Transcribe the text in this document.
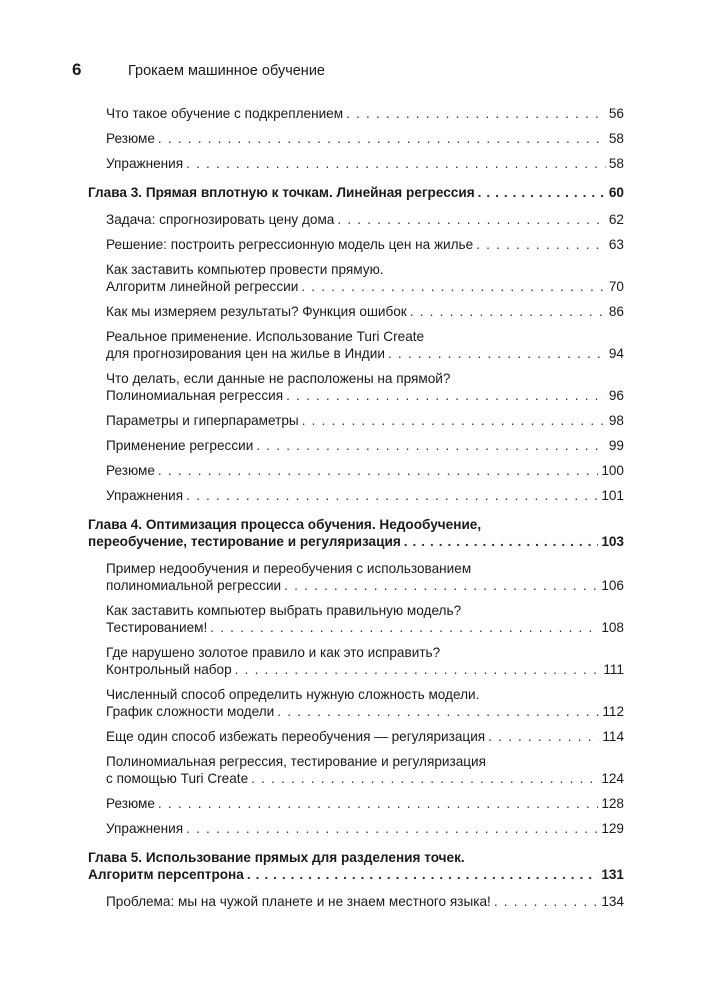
6	Грокаем машинное обучение
Что такое обучение с подкреплением . . .	56
Резюме . . .	58
Упражнения . . .	58
Глава 3. Прямая вплотную к точкам. Линейная регрессия . . .	60
Задача: спрогнозировать цену дома . . .	62
Решение: построить регрессионную модель цен на жилье . . .	63
Как заставить компьютер провести прямую.
Алгоритм линейной регрессии . . .	70
Как мы измеряем результаты? Функция ошибок . . .	86
Реальное применение. Использование Turi Create
для прогнозирования цен на жилье в Индии . . .	94
Что делать, если данные не расположены на прямой?
Полиномиальная регрессия . . .	96
Параметры и гиперпараметры . . .	98
Применение регрессии . . .	99
Резюме . . .	100
Упражнения . . .	101
Глава 4. Оптимизация процесса обучения. Недообучение,
переобучение, тестирование и регуляризация . . .	103
Пример недообучения и переобучения с использованием
полиномиальной регрессии . . .	106
Как заставить компьютер выбрать правильную модель?
Тестированием! . . .	108
Где нарушено золотое правило и как это исправить?
Контрольный набор . . .	111
Численный способ определить нужную сложность модели.
График сложности модели . . .	112
Еще один способ избежать переобучения — регуляризация . . .	114
Полиномиальная регрессия, тестирование и регуляризация
с помощью Turi Create . . .	124
Резюме . . .	128
Упражнения . . .	129
Глава 5. Использование прямых для разделения точек.
Алгоритм персептрона . . .	131
Проблема: мы на чужой планете и не знаем местного языка! . . .	134
